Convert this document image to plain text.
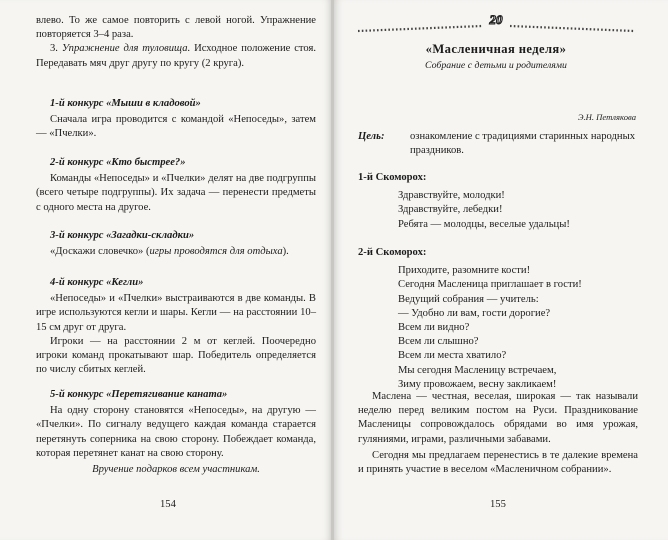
влево. То же самое повторить с левой ногой. Упражнение повторяется 3–4 раза.

3. Упражнение для туловища. Исходное положение стоя. Передавать мяч друг другу по кругу (2 круга).

1-й конкурс «Мыши в кладовой»

Сначала игра проводится с командой «Непоседы», затем — «Пчелки».

2-й конкурс «Кто быстрее?»

Команды «Непоседы» и «Пчелки» делят на две подгруппы (всего четыре подгруппы). Их задача — перенести предметы с одного места на другое.

3-й конкурс «Загадки-складки»

«Доскажи словечко» (игры проводятся для отдыха).

4-й конкурс «Кегли»

«Непоседы» и «Пчелки» выстраиваются в две команды. В игре используются кегли и шары. Кегли — на расстоянии 10–15 см друг от друга.

Игроки — на расстоянии 2 м от кеглей. Поочередно игроки команд прокатывают шар. Победитель определяется по числу сбитых кеглей.

5-й конкурс «Перетягивание каната»

На одну сторону становятся «Непоседы», на другую — «Пчелки». По сигналу ведущего каждая команда старается перетянуть соперника на свою сторону. Побеждает команда, которая перетянет канат на свою сторону.

Вручение подарков всем участникам.

154
20
«Масленичная неделя»
Собрание с детьми и родителями
Э.Н. Петлякова
Цель:	ознакомление с традициями старинных народных праздников.

1-й Скоморох:

Здравствуйте, молодки!
Здравствуйте, лебедки!
Ребята — молодцы, веселые удальцы!

2-й Скоморох:

Приходите, разомните кости!
Сегодня Масленица приглашает в гости!
Ведущий собрания — учитель:
— Удобно ли вам, гости дорогие?
Всем ли видно?
Всем ли слышно?
Всем ли места хватило?
Мы сегодня Масленицу встречаем,
Зиму провожаем, весну закликаем!

Маслена — честная, веселая, широкая — так называли неделю перед великим постом на Руси. Праздникование Масленицы сопровождалось обрядами во имя урожая, гуляниями, играми, различными забавами.

Сегодня мы предлагаем перенестись в те далекие времена и принять участие в веселом «Масленичном собрании».

155
